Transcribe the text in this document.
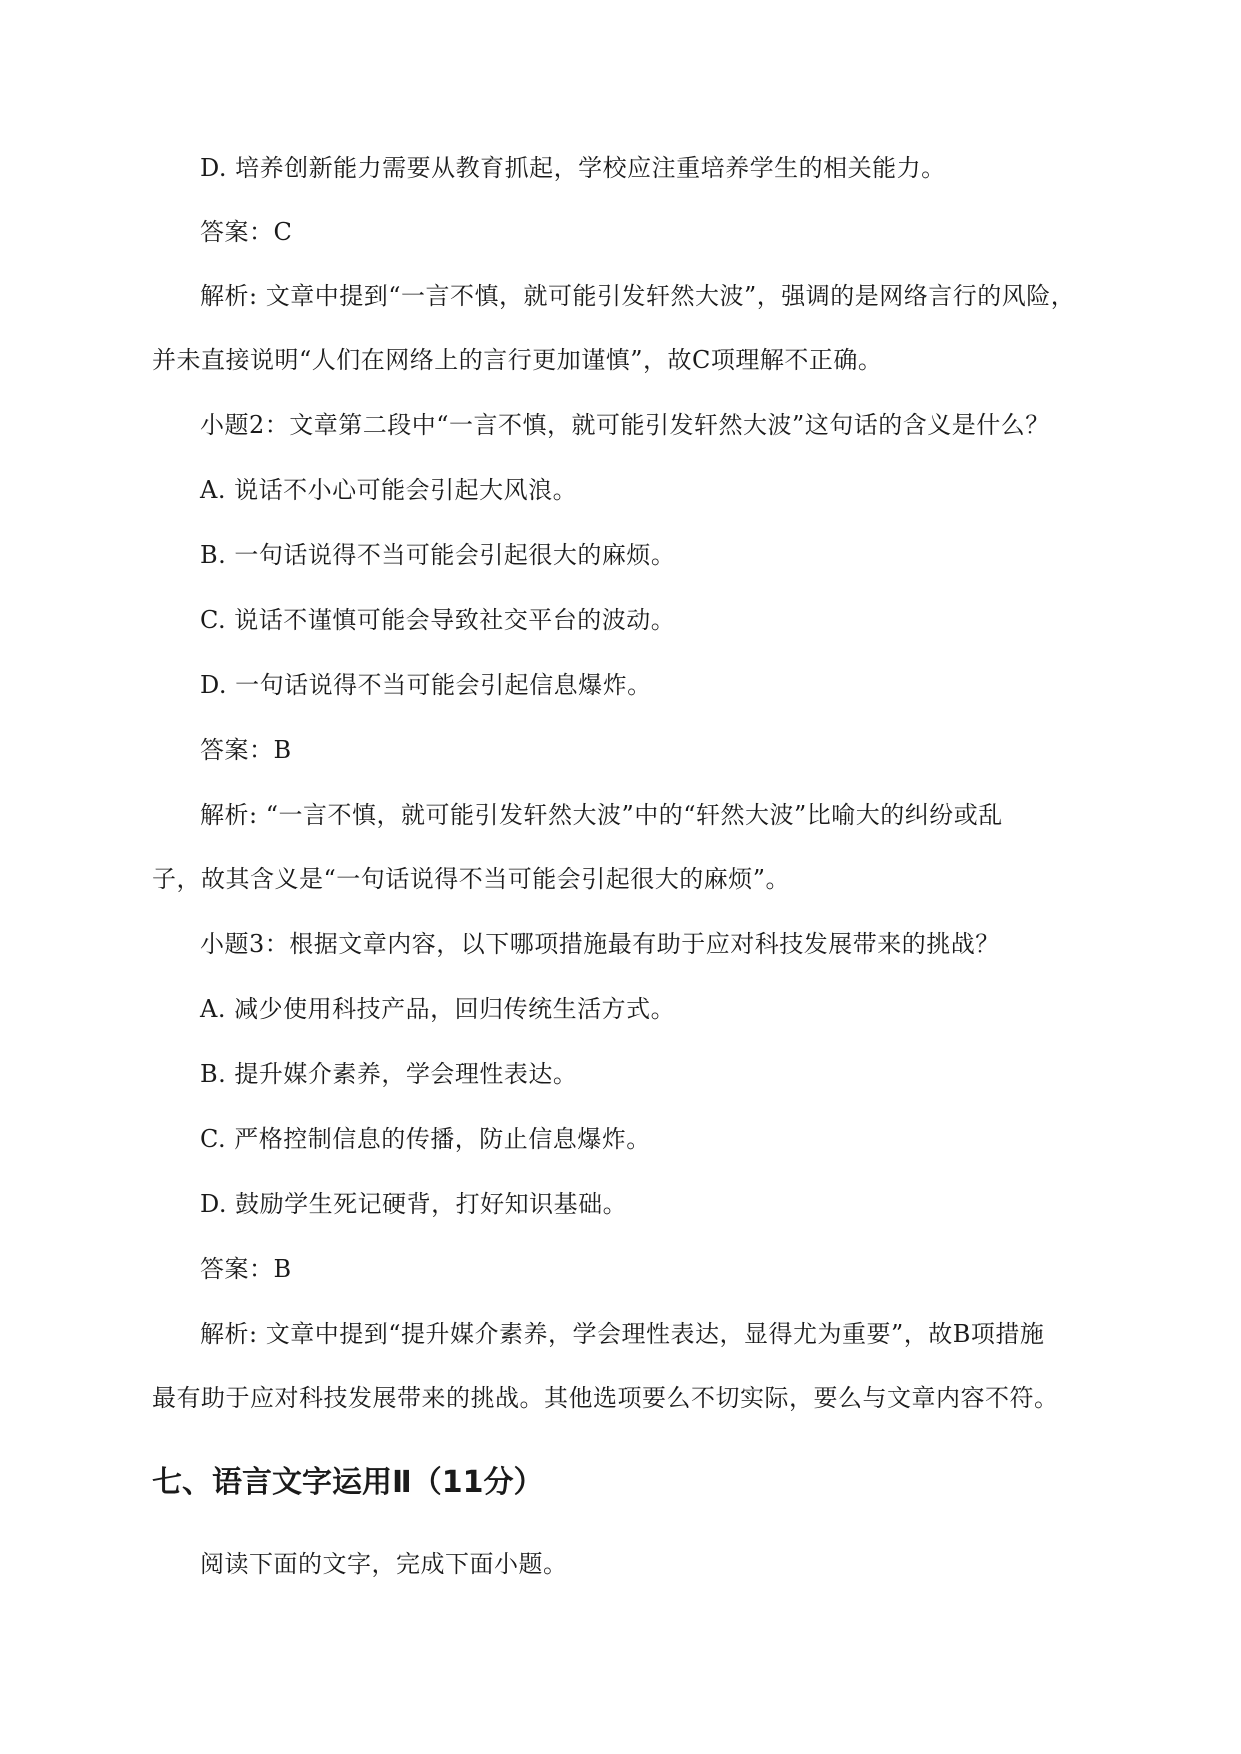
D. 培养创新能力需要从教育抓起，学校应注重培养学生的相关能力。
答案：C
解析: 文章中提到“一言不慎，就可能引发轩然大波”，强调的是网络言行的风险，
并未直接说明“人们在网络上的言行更加谨慎”，故C项理解不正确。
小题2：文章第二段中“一言不慎，就可能引发轩然大波”这句话的含义是什么？
A. 说话不小心可能会引起大风浪。
B. 一句话说得不当可能会引起很大的麻烦。
C. 说话不谨慎可能会导致社交平台的波动。
D. 一句话说得不当可能会引起信息爆炸。
答案：B
解析: “一言不慎，就可能引发轩然大波”中的“轩然大波”比喻大的纠纷或乱
子，故其含义是“一句话说得不当可能会引起很大的麻烦”。
小题3：根据文章内容，以下哪项措施最有助于应对科技发展带来的挑战？
A. 减少使用科技产品，回归传统生活方式。
B. 提升媒介素养，学会理性表达。
C. 严格控制信息的传播，防止信息爆炸。
D. 鼓励学生死记硬背，打好知识基础。
答案：B
解析: 文章中提到“提升媒介素养，学会理性表达，显得尤为重要”，故B项措施
最有助于应对科技发展带来的挑战。其他选项要么不切实际，要么与文章内容不符。
七、语言文字运用Ⅱ（11分）
阅读下面的文字，完成下面小题。
